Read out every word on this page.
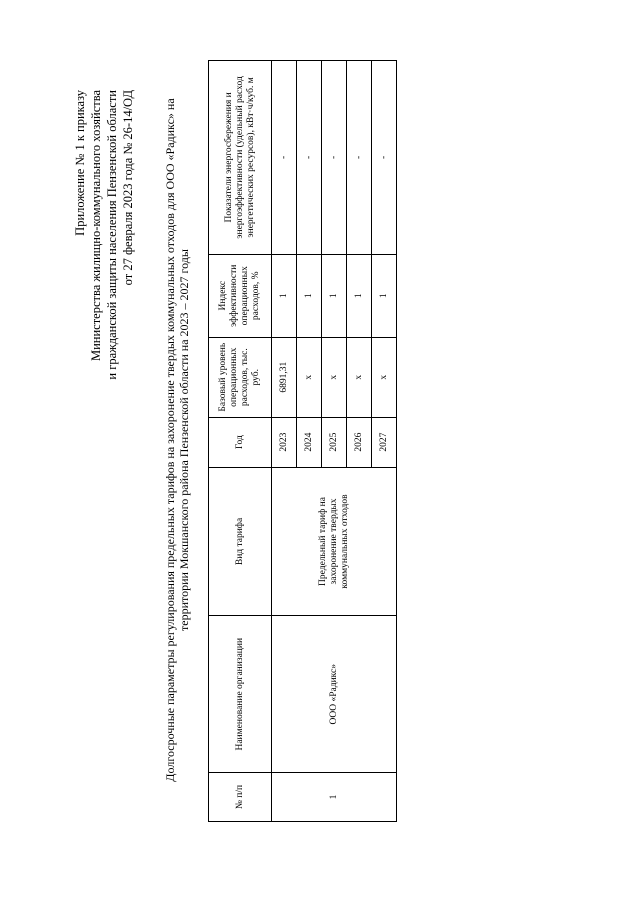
Приложение № 1 к приказу Министерства жилищно-коммунального хозяйства и гражданской защиты населения Пензенской области от 27 февраля 2023 года № 26-14/ОД Долгосрочные параметры регулирования предельных тарифов на захоронение твердых коммунальных отходов для ООО «Радикс» на территории Мокшанского района Пензенской области на 2023 – 2027 годы
№ п/п	Наименование организации	Вид тарифа	Год	Базовый уровень операционных расходов, тыс. руб.	Индекс эффективности операционных расходов, %	Показатели энергосбережения и энергоэффективности (удельный расход энергетических ресурсов), кВт·ч/куб. м
1	ООО «Радикс»	Предельный тариф на захоронение твердых коммунальных отходов	2023	6891,31	1	-
			2024	х	1	-
			2025	х	1	-
			2026	х	1	-
			2027	х	1	-
